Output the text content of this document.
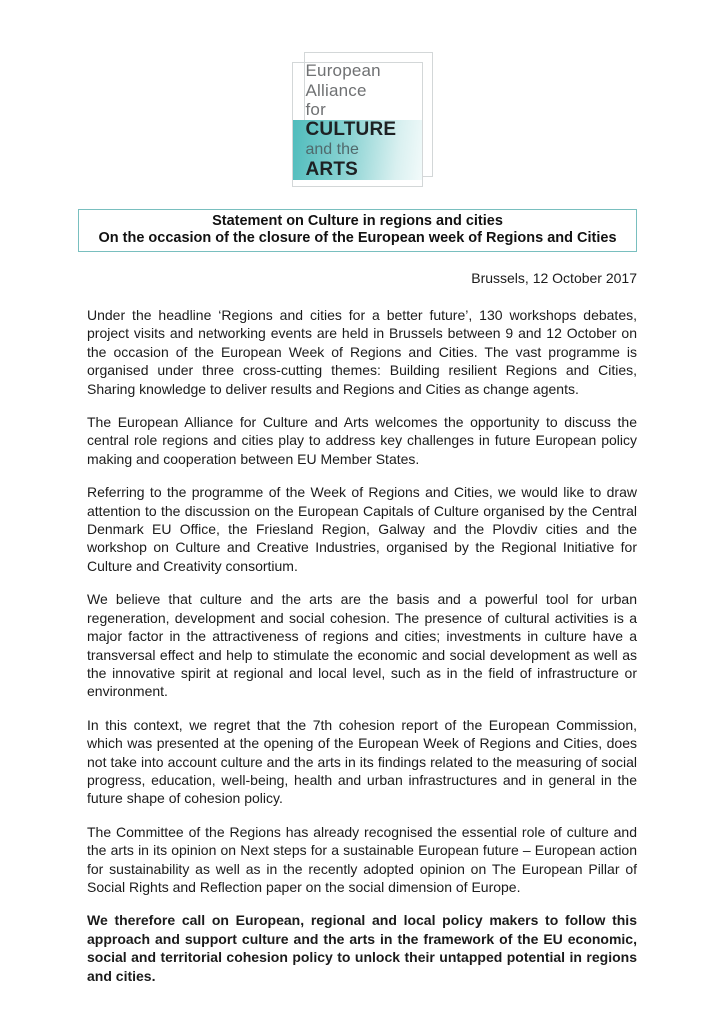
European
Alliance
for
CULTURE
and the
ARTS
Statement on Culture in regions and cities
On the occasion of the closure of the European week of Regions and Cities
Brussels, 12 October 2017

Under the headline ‘Regions and cities for a better future’, 130 workshops debates, project visits and networking events are held in Brussels between 9 and 12 October on the occasion of the European Week of Regions and Cities. The vast programme is organised under three cross-cutting themes: Building resilient Regions and Cities, Sharing knowledge to deliver results and Regions and Cities as change agents.

The European Alliance for Culture and Arts welcomes the opportunity to discuss the central role regions and cities play to address key challenges in future European policy making and cooperation between EU Member States.

Referring to the programme of the Week of Regions and Cities, we would like to draw attention to the discussion on the European Capitals of Culture organised by the Central Denmark EU Office, the Friesland Region, Galway and the Plovdiv cities and the workshop on Culture and Creative Industries, organised by the Regional Initiative for Culture and Creativity consortium.

We believe that culture and the arts are the basis and a powerful tool for urban regeneration, development and social cohesion. The presence of cultural activities is a major factor in the attractiveness of regions and cities; investments in culture have a transversal effect and help to stimulate the economic and social development as well as the innovative spirit at regional and local level, such as in the field of infrastructure or environment.

In this context, we regret that the 7th cohesion report of the European Commission, which was presented at the opening of the European Week of Regions and Cities, does not take into account culture and the arts in its findings related to the measuring of social progress, education, well-being, health and urban infrastructures and in general in the future shape of cohesion policy.

The Committee of the Regions has already recognised the essential role of culture and the arts in its opinion on Next steps for a sustainable European future – European action for sustainability as well as in the recently adopted opinion on The European Pillar of Social Rights and Reflection paper on the social dimension of Europe.

We therefore call on European, regional and local policy makers to follow this approach and support culture and the arts in the framework of the EU economic, social and territorial cohesion policy to unlock their untapped potential in regions and cities.
